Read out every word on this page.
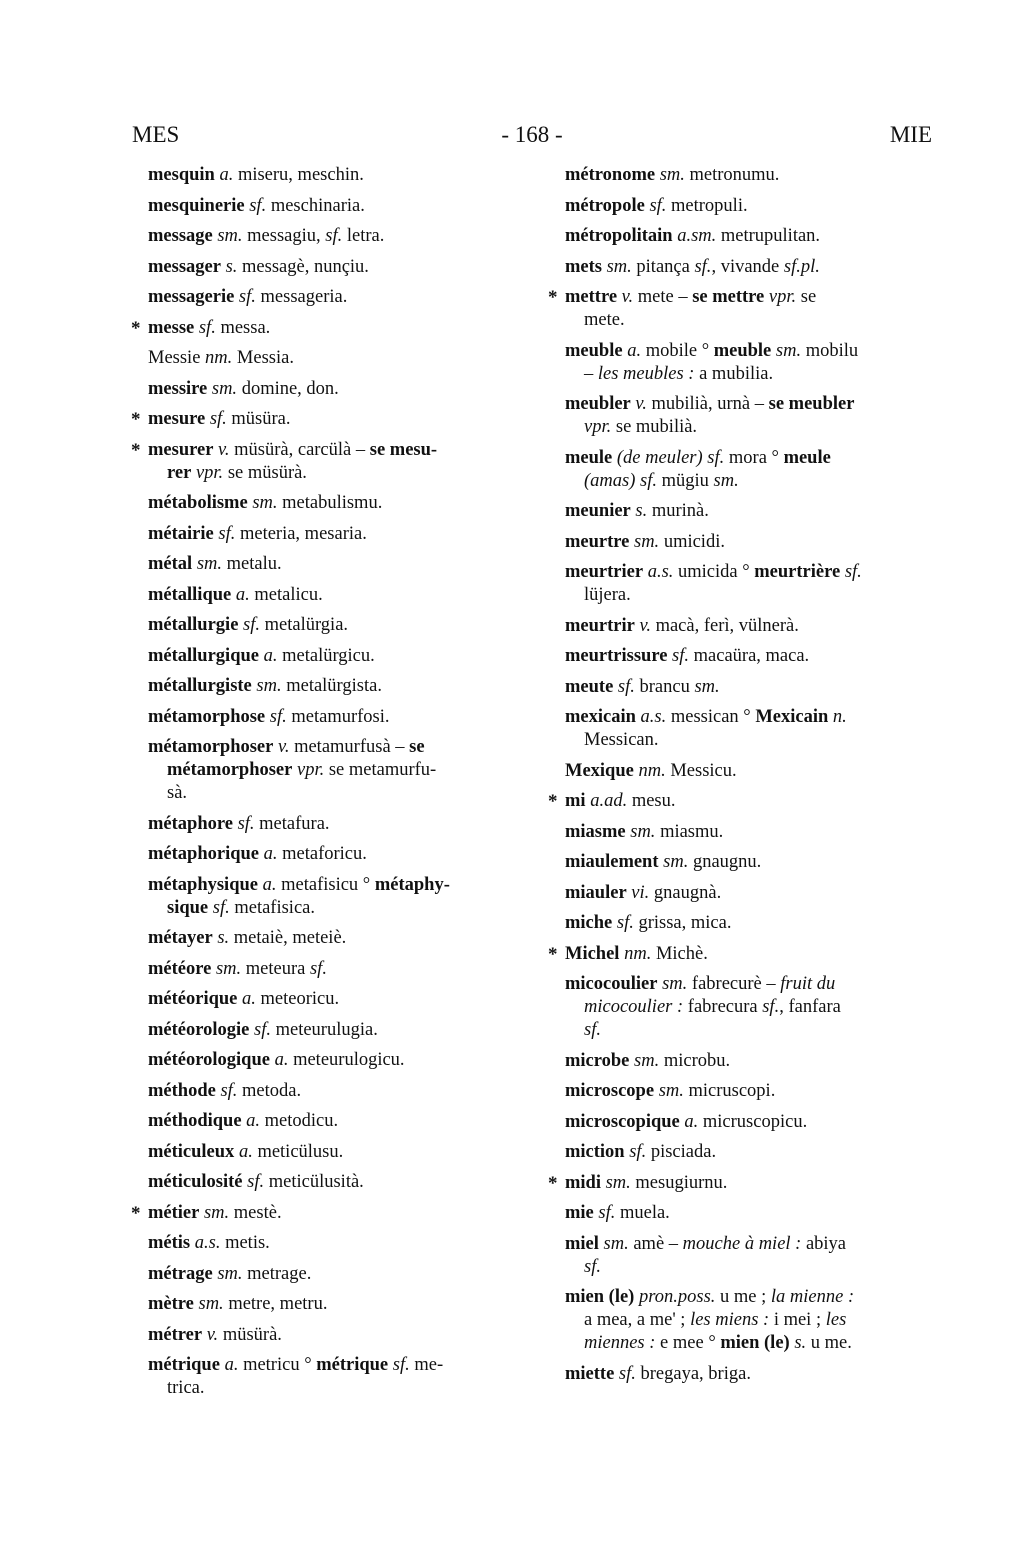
MES	- 168 -	MIE
mesquin a. miseru, meschin.
mesquinerie sf. meschinaria.
message sm. messagiu, sf. letra.
messager s. messagè, nunçiu.
messagerie sf. messageria.
* messe sf. messa.
Messie nm. Messia.
messire sm. domine, don.
* mesure sf. müsüra.
* mesurer v. müsürà, carcülà – se mesu-
rer vpr. se müsürà.
métabolisme sm. metabulismu.
métairie sf. meteria, mesaria.
métal sm. metalu.
métallique a. metalicu.
métallurgie sf. metalürgia.
métallurgique a. metalürgicu.
métallurgiste sm. metalürgista.
métamorphose sf. metamurfosi.
métamorphoser v. metamurfusà – se
métamorphoser vpr. se metamurfu-
sà.
métaphore sf. metafura.
métaphorique a. metaforicu.
métaphysique a. metafisicu ° métaphy-
sique sf. metafisica.
métayer s. metaiè, meteiè.
météore sm. meteura sf.
météorique a. meteoricu.
météorologie sf. meteurulugia.
météorologique a. meteurulogicu.
méthode sf. metoda.
méthodique a. metodicu.
méticuleux a. meticülusu.
méticulosité sf. meticülusità.
* métier sm. mestè.
métis a.s. metis.
métrage sm. metrage.
mètre sm. metre, metru.
métrer v. müsürà.
métrique a. metricu ° métrique sf. me-
trica.
métronome sm. metronumu.
métropole sf. metropuli.
métropolitain a.sm. metrupulitan.
mets sm. pitança sf., vivande sf.pl.
* mettre v. mete – se mettre vpr. se
mete.
meuble a. mobile ° meuble sm. mobilu
– les meubles : a mubilia.
meubler v. mubilià, urnà – se meubler
vpr. se mubilià.
meule (de meuler) sf. mora ° meule
(amas) sf. mügiu sm.
meunier s. murinà.
meurtre sm. umicidi.
meurtrier a.s. umicida ° meurtrière sf.
lüjera.
meurtrir v. macà, ferì, vülnerà.
meurtrissure sf. macaüra, maca.
meute sf. brancu sm.
mexicain a.s. messican ° Mexicain n.
Messican.
Mexique nm. Messicu.
* mi a.ad. mesu.
miasme sm. miasmu.
miaulement sm. gnaugnu.
miauler vi. gnaugnà.
miche sf. grissa, mica.
* Michel nm. Michè.
micocoulier sm. fabrecurè – fruit du
micocoulier : fabrecura sf., fanfara
sf.
microbe sm. microbu.
microscope sm. micruscopi.
microscopique a. micruscopicu.
miction sf. pisciada.
* midi sm. mesugiurnu.
mie sf. muela.
miel sm. amè – mouche à miel : abiya
sf.
mien (le) pron.poss. u me ; la mienne :
a mea, a me' ; les miens : i mei ; les
miennes : e mee ° mien (le) s. u me.
miette sf. bregaya, briga.
